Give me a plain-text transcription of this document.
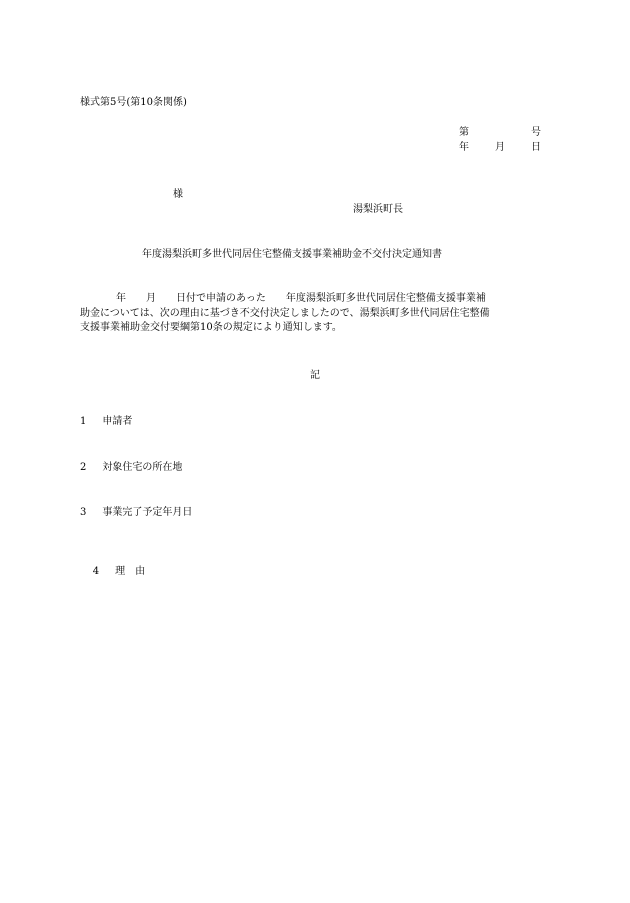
様式第5号(第10条関係)
第	号
年	月	日
様
湯梨浜町長
年度湯梨浜町多世代同居住宅整備支援事業補助金不交付決定通知書
年　　月　　日付で申請のあった　　年度湯梨浜町多世代同居住宅整備支援事業補
助金については、次の理由に基づき不交付決定しましたので、湯梨浜町多世代同居住宅整備
支援事業補助金交付要綱第10条の規定により通知します。
記
1 申請者
2 対象住宅の所在地
3 事業完了予定年月日

4 理　由
